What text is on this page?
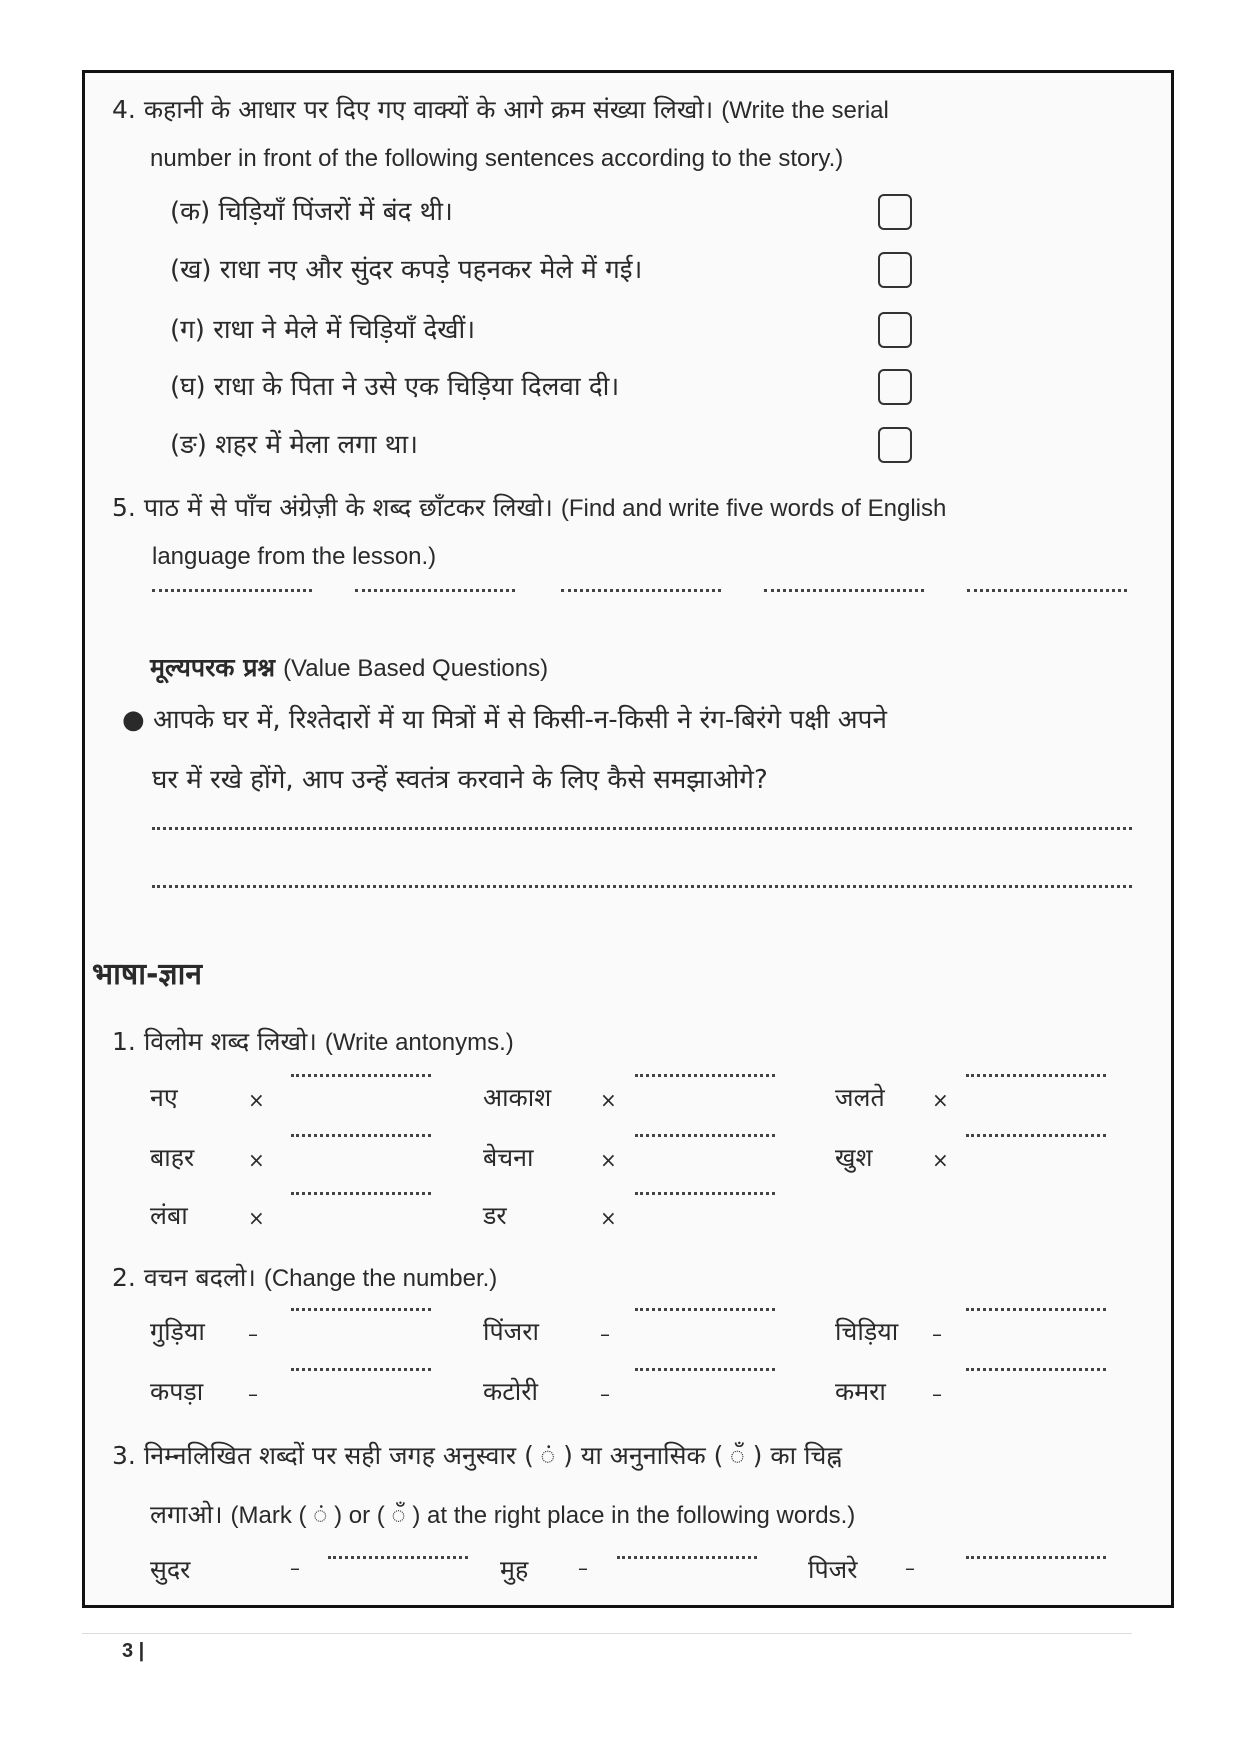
4. कहानी के आधार पर दिए गए वाक्यों के आगे क्रम संख्या लिखो। (Write the serial
number in front of the following sentences according to the story.)
5. पाठ में से पाँच अंग्रेज़ी के शब्द छाँटकर लिखो। (Find and write five words of English
language from the lesson.)
मूल्यपरक प्रश्न (Value Based Questions)
● आपके घर में, रिश्तेदारों में या मित्रों में से किसी-न-किसी ने रंग-बिरंगे पक्षी अपने
घर में रखे होंगे, आप उन्हें स्वतंत्र करवाने के लिए कैसे समझाओगे?
भाषा-ज्ञान
1. विलोम शब्द लिखो। (Write antonyms.)
2. वचन बदलो। (Change the number.)
3. निम्नलिखित शब्दों पर सही जगह अनुस्वार ( ं ) या अनुनासिक ( ँ ) का चिह्न
लगाओ। (Mark ( ं ) or ( ँ ) at the right place in the following words.)
3 |
(क) चिड़ियाँ पिंजरों में बंद थी।
(ख) राधा नए और सुंदर कपड़े पहनकर मेले में गई।
(ग) राधा ने मेले में चिड़ियाँ देखीं।
(घ) राधा के पिता ने उसे एक चिड़िया दिलवा दी।
(ङ) शहर में मेला लगा था।
नए	×	आकाश ×	जलते ×
बाहर	×	बेचना	×	खुश	×
लंबा	×	डर	×
गुड़िया –	पिंजरा	–	चिड़िया –
कपड़ा –	कटोरी	–	कमरा –
सुदर	–	मुह –	पिजरे –
